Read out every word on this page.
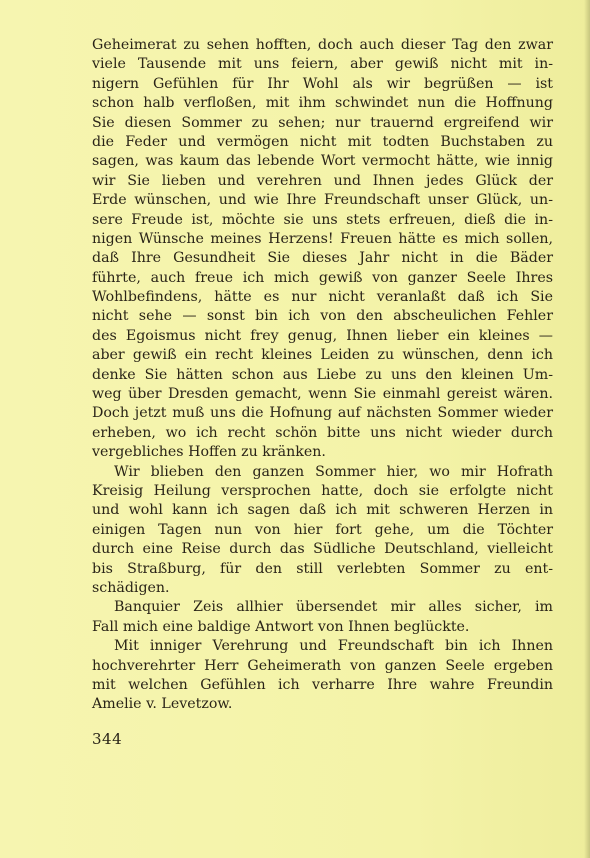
Geheimerat zu sehen hofften, doch auch dieser Tag den zwar
viele Tausende mit uns feiern, aber gewiß nicht mit in-
nigern Gefühlen für Ihr Wohl als wir begrüßen — ist
schon halb verfloßen, mit ihm schwindet nun die Hoffnung
Sie diesen Sommer zu sehen; nur trauernd ergreifend wir
die Feder und vermögen nicht mit todten Buchstaben zu
sagen, was kaum das lebende Wort vermocht hätte, wie innig
wir Sie lieben und verehren und Ihnen jedes Glück der
Erde wünschen, und wie Ihre Freundschaft unser Glück, un-
sere Freude ist, möchte sie uns stets erfreuen, dieß die in-
nigen Wünsche meines Herzens! Freuen hätte es mich sollen,
daß Ihre Gesundheit Sie dieses Jahr nicht in die Bäder
führte, auch freue ich mich gewiß von ganzer Seele Ihres
Wohlbefindens, hätte es nur nicht veranlaßt daß ich Sie
nicht sehe — sonst bin ich von den abscheulichen Fehler
des Egoismus nicht frey genug, Ihnen lieber ein kleines —
aber gewiß ein recht kleines Leiden zu wünschen, denn ich
denke Sie hätten schon aus Liebe zu uns den kleinen Um-
weg über Dresden gemacht, wenn Sie einmahl gereist wären.
Doch jetzt muß uns die Hofnung auf nächsten Sommer wieder
erheben, wo ich recht schön bitte uns nicht wieder durch
vergebliches Hoffen zu kränken.
Wir blieben den ganzen Sommer hier, wo mir Hofrath
Kreisig Heilung versprochen hatte, doch sie erfolgte nicht
und wohl kann ich sagen daß ich mit schweren Herzen in
einigen Tagen nun von hier fort gehe, um die Töchter
durch eine Reise durch das Südliche Deutschland, vielleicht
bis Straßburg, für den still verlebten Sommer zu ent-
schädigen.
Banquier Zeis allhier übersendet mir alles sicher, im
Fall mich eine baldige Antwort von Ihnen beglückte.
Mit inniger Verehrung und Freundschaft bin ich Ihnen
hochverehrter Herr Geheimerath von ganzen Seele ergeben
mit welchen Gefühlen ich verharre Ihre wahre Freundin
Amelie v. Levetzow.
344
